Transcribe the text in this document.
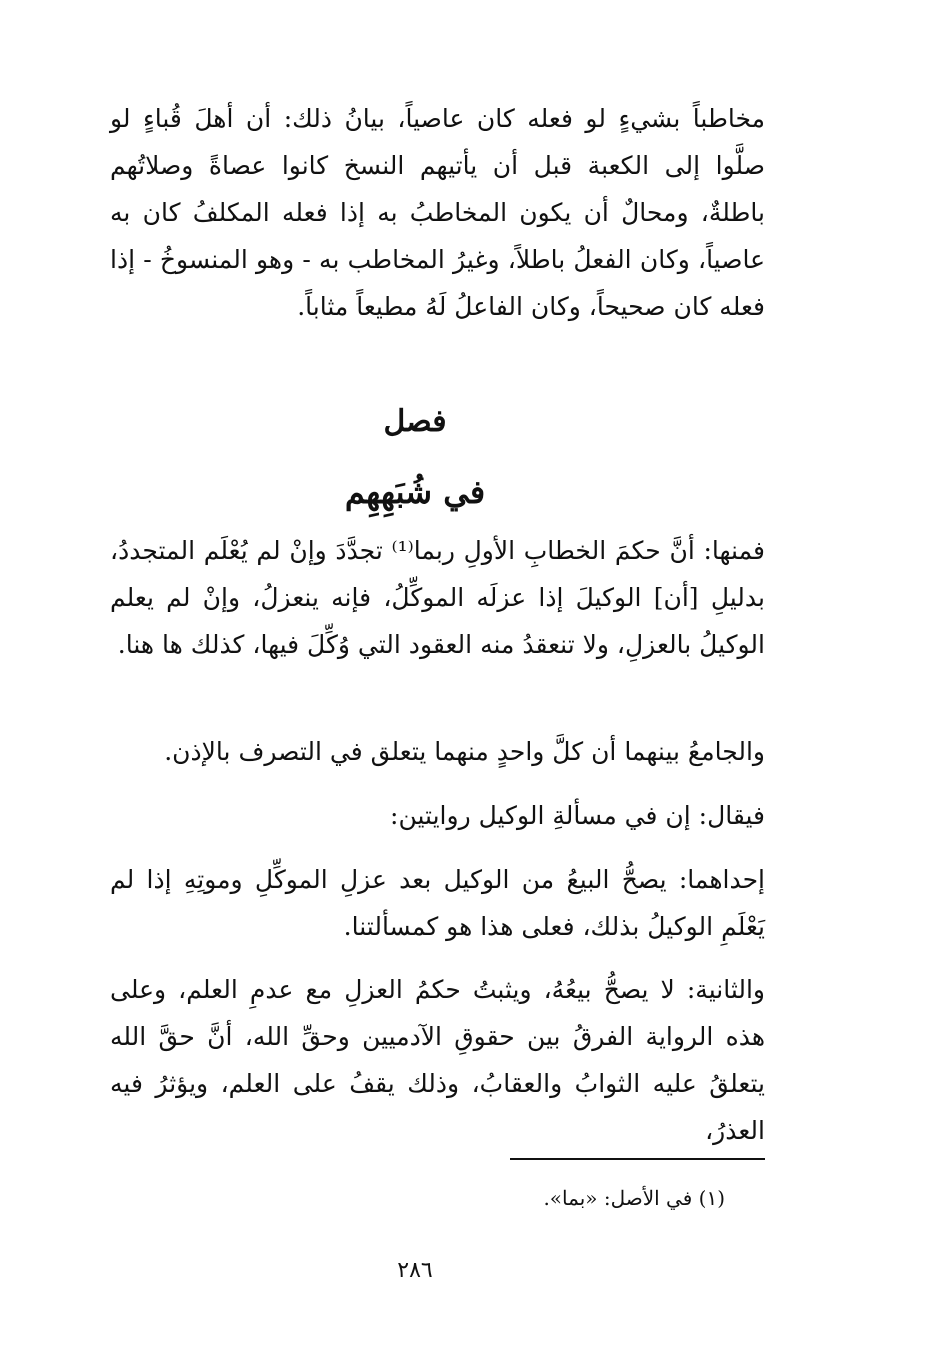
مخاطباً بشيءٍ لو فعله كان عاصياً، بيانُ ذلك: أن أهلَ قُباءٍ لو صلَّوا إلى الكعبة قبل أن يأتيهم النسخ كانوا عصاةً وصلاتُهم باطلةٌ، ومحالٌ أن يكون المخاطبُ به إذا فعله المكلفُ كان به عاصياً، وكان الفعلُ باطلاً، وغيرُ المخاطب به - وهو المنسوخُ - إذا فعله كان صحيحاً، وكان الفاعلُ لَهُ مطيعاً مثاباً.

فصل
في شُبَهِهِم

فمنها: أنَّ حكمَ الخطابِ الأولِ ربما⁽¹⁾ تجدَّدَ وإنْ لم يُعْلَم المتجددُ، بدليلِ [أن] الوكيلَ إذا عزلَه الموكِّلُ، فإنه ينعزلُ، وإنْ لم يعلم الوكيلُ بالعزلِ، ولا تنعقدُ منه العقود التي وُكِّلَ فيها، كذلك ها هنا.

والجامعُ بينهما أن كلَّ واحدٍ منهما يتعلق في التصرف بالإذن.

فيقال: إن في مسألةِ الوكيل روايتين:

إحداهما: يصحُّ البيعُ من الوكيل بعد عزلِ الموكِّلِ وموتِهِ إذا لم يَعْلَمِ الوكيلُ بذلك، فعلى هذا هو كمسألتنا.

والثانية: لا يصحُّ بيعُهُ، ويثبتُ حكمُ العزلِ مع عدمِ العلم، وعلى هذه الرواية الفرقُ بين حقوقِ الآدميين وحقِّ الله، أنَّ حقَّ الله يتعلقُ عليه الثوابُ والعقابُ، وذلك يقفُ على العلم، ويؤثرُ فيه العذرُ،

(١) في الأصل: «بما».

٢٨٦
